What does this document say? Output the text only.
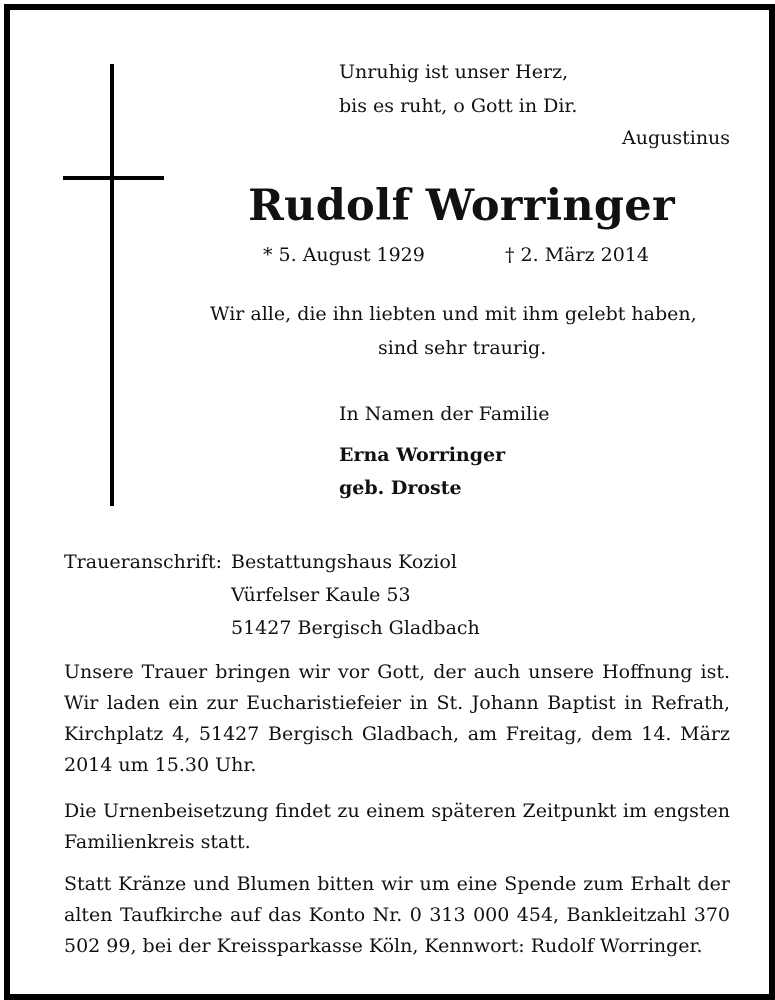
Unruhig ist unser Herz,
bis es ruht, o Gott in Dir.
Augustinus
Rudolf Worringer
* 5. August 1929	† 2. März 2014
Wir alle, die ihn liebten und mit ihm gelebt haben,
sind sehr traurig.
In Namen der Familie
Erna Worringer
geb. Droste
Traueranschrift: Bestattungshaus Koziol
Vürfelser Kaule 53
51427 Bergisch Gladbach
Unsere Trauer bringen wir vor Gott, der auch unsere Hoffnung ist. Wir laden ein zur Eucharistiefeier in St. Johann Baptist in Refrath, Kirchplatz 4, 51427 Bergisch Gladbach, am Freitag, dem 14. März 2014 um 15.30 Uhr.
Die Urnenbeisetzung findet zu einem späteren Zeitpunkt im engsten Familienkreis statt.
Statt Kränze und Blumen bitten wir um eine Spende zum Erhalt der alten Taufkirche auf das Konto Nr. 0 313 000 454, Bankleitzahl 370 502 99, bei der Kreissparkasse Köln, Kennwort: Rudolf Worringer.
